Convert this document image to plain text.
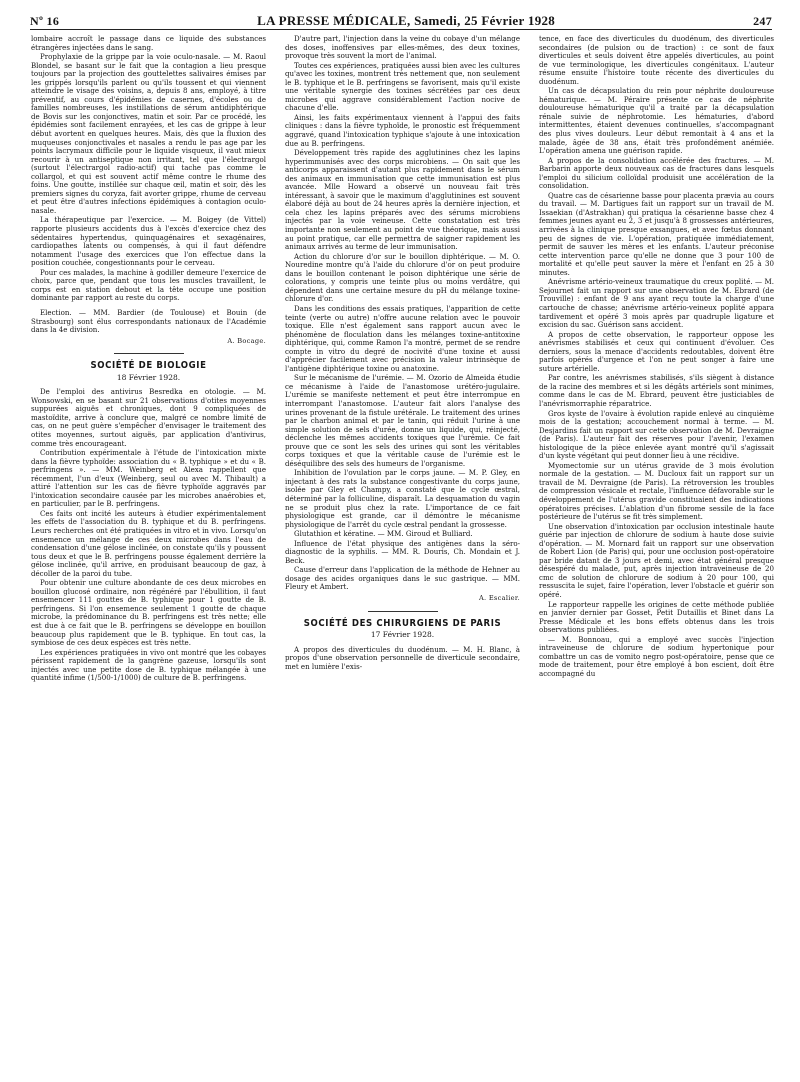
Nº 16	LA PRESSE MÉDICALE, Samedi, 25 Février 1928	247

lombaire accroît le passage dans ce liquide des substances étrangères injectées dans le sang.

Prophylaxie de la grippe par la voie oculo-nasale. — M. Raoul Blondel, se basant sur le fait que la contagion a lieu presque toujours par la projection des gouttelettes salivaires émises par les grippés lorsqu'ils parlent ou qu'ils toussent et qui viennent atteindre le visage des voisins, a, depuis 8 ans, employé, à titre préventif, au cours d'épidémies de casernes, d'écoles ou de familles nombreuses, les instillations de sérum antidiphtérique de Bovis sur les conjonctives, matin et soir. Par ce procédé, les épidémies sont facilement enrayées, et les cas de grippe à leur début avortent en quelques heures. Mais, dès que la fluxion des muqueuses conjonctivales et nasales a rendu le pas age par les points lacrymaux difficile pour le liquide visqueux, il vaut mieux recourir à un antiseptique non irritant, tel que l'électrargol (surtout l'électrargol radio-actif) qui tache pas comme le collargol, et qui est souvent actif même contre le rhume des foins. Une goutte, instillée sur chaque œil, matin et soir, dès les premiers signes du coryza, fait avorter grippe, rhume de cerveau et peut être d'autres infections épidémiques à contagion oculo-nasale.

La thérapeutique par l'exercice. — M. Boigey (de Vittel) rapporte plusieurs accidents dus à l'excès d'exercice chez des sédentaires hypertendus, quinquagénaires et sexagénaires, cardiopathes latents ou compensés, à qui il faut défendre notamment l'usage des exercices que l'on effectue dans la position couchée, congestionnants pour le cerveau.

Pour ces malades, la machine à godiller demeure l'exercice de choix, parce que, pendant que tous les muscles travaillent, le corps est en station debout et la tête occupe une position dominante par rapport au reste du corps.

Election. — MM. Bardier (de Toulouse) et Bouin (de Strasbourg) sont élus correspondants nationaux de l'Académie dans la 4e division.

A. Bocage.

SOCIÉTÉ DE BIOLOGIE
18 Février 1928.

De l'emploi des antivirus Besredka en otologie. — M. Wonsowski, en se basant sur 21 observations d'otites moyennes suppurées aiguës et chroniques, dont 9 compliquées de mastoïdite, arrive à conclure que, malgré ce nombre limité de cas, on ne peut guère s'empêcher d'envisager le traitement des otites moyennes, surtout aiguës, par application d'antivirus, comme très encourageant.

Contribution expérimentale à l'étude de l'intoxication mixte dans la fièvre typhoïde: association du « B. typhique » et du « B. perfringens ». — MM. Weinberg et Alexa rappellent que récemment, l'un d'eux (Weinberg, seul ou avec M. Thibault) a attiré l'attention sur les cas de fièvre typhoïde aggravés par l'intoxication secondaire causée par les microbes anaérobies et, en particulier, par le B. perfringens.

Ces faits ont incité les auteurs à étudier expérimentalement les effets de l'association du B. typhique et du B. perfringens. Leurs recherches ont été pratiquées in vitro et in vivo. Lorsqu'on ensemence un mélange de ces deux microbes dans l'eau de condensation d'une gélose inclinée, on constate qu'ils y poussent tous deux et que le B. perfringens pousse également derrière la gélose inclinée, qu'il arrive, en produisant beaucoup de gaz, à décoller de la paroi du tube.

Pour obtenir une culture abondante de ces deux microbes en bouillon glucosé ordinaire, non régénéré par l'ébullition, il faut ensemencer 111 gouttes de B. typhique pour 1 goutte de B. perfringens. Si l'on ensemence seulement 1 goutte de chaque microbe, la prédominance du B. perfringens est très nette; elle est due à ce fait que le B. perfringens se développe en bouillon beaucoup plus rapidement que le B. typhique. En tout cas, la symbiose de ces deux espèces est très nette.

Les expériences pratiquées in vivo ont montré que les cobayes périssent rapidement de la gangrène gazeuse, lorsqu'ils sont injectés avec une petite dose de B. typhique mélangée à une quantité infime (1/500-1/1000) de culture de B. perfringens.

D'autre part, l'injection dans la veine du cobaye d'un mélange des doses, inoffensives par elles-mêmes, des deux toxines, provoque très souvent la mort de l'animal.

Toutes ces expériences, pratiquées aussi bien avec les cultures qu'avec les toxines, montrent très nettement que, non seulement le B. typhique et le B. perfringens se favorisent, mais qu'il existe une véritable synergie des toxines sécrétées par ces deux microbes qui aggrave considérablement l'action nocive de chacune d'elle.

Ainsi, les faits expérimentaux viennent à l'appui des faits cliniques : dans la fièvre typhoïde, le pronostic est fréquemment aggravé, quand l'intoxication typhique s'ajoute à une intoxication due au B. perfringens.

Développement très rapide des agglutinines chez les lapins hyperimmunisés avec des corps microbiens. — On sait que les anticorps apparaissent d'autant plus rapidement dans le sérum des animaux en immunisation que cette immunisation est plus avancée. Mlle Howard a observé un nouveau fait très intéressant, à savoir que le maximum d'agglutinines est souvent élaboré déjà au bout de 24 heures après la dernière injection, et cela chez les lapins préparés avec des sérums microbiens injectés par la voie veineuse. Cette constatation est très importante non seulement au point de vue théorique, mais aussi au point pratique, car elle permettra de saigner rapidement les animaux arrivés au terme de leur immunisation.

Action du chlorure d'or sur le bouillon diphtérique. — M. O. Nouredine montre qu'à l'aide du chlorure d'or on peut produire dans le bouillon contenant le poison diphtérique une série de colorations, y compris une teinte plus ou moins verdâtre, qui dépendent dans une certaine mesure du pH du mélange toxine-chlorure d'or.

Dans les conditions des essais pratiques, l'apparition de cette teinte (verte ou autre) n'offre aucune relation avec le pouvoir toxique. Elle n'est également sans rapport aucun avec le phénomène de floculation dans les mélanges toxine-antitoxine diphtérique, qui, comme Ramon l'a montré, permet de se rendre compte in vitro du degré de nocivité d'une toxine et aussi d'apprécier facilement avec précision la valeur intrinsèque de l'antigène diphtérique toxine ou anatoxine.

Sur le mécanisme de l'urémie. — M. Ozorio de Almeida étudie ce mécanisme à l'aide de l'anastomose urétéro-jugulaire. L'urémie se manifeste nettement et peut être interrompue en interrompant l'anastomose. L'auteur fait alors l'analyse des urines provenant de la fistule urétérale. Le traitement des urines par le charbon animal et par le tanin, qui réduit l'urine à une simple solution de sels d'urée, donne un liquide, qui, réinjecté, déclenche les mêmes accidents toxiques que l'urémie. Ce fait prouve que ce sont les sels des urines qui sont les véritables corps toxiques et que la véritable cause de l'urémie est le déséquilibre des sels des humeurs de l'organisme.

Inhibition de l'ovulation par le corps jaune. — M. P. Gley, en injectant à des rats la substance congestivante du corps jaune, isolée par Gley et Champy, a constaté que le cycle œstral, déterminé par la folliculine, disparaît. La desquamation du vagin ne se produit plus chez la rate. L'importance de ce fait physiologique est grande, car il démontre le mécanisme physiologique de l'arrêt du cycle œstral pendant la grossesse.

Glutathion et kératine. — MM. Giroud et Bulliard.

Influence de l'état physique des antigènes dans la séro-diagnostic de la syphilis. — MM. R. Douris, Ch. Mondain et J. Beck.

Cause d'erreur dans l'application de la méthode de Hehner au dosage des acides organiques dans le suc gastrique. — MM. Fleury et Ambert.

A. Escalier.

SOCIÉTÉ DES CHIRURGIENS DE PARIS
17 Février 1928.

A propos des diverticules du duodénum. — M. H. Blanc, à propos d'une observation personnelle de diverticule secondaire, met en lumière l'exis-

tence, en face des diverticules du duodénum, des diverticules secondaires (de pulsion ou de traction) : ce sont de faux diverticules et seuls doivent être appelés diverticules, au point de vue terminologique, les diverticules congénitaux. L'auteur résume ensuite l'histoire toute récente des diverticules du duodénum.

Un cas de décapsulation du rein pour néphrite douloureuse hématurique. — M. Péraire présente ce cas de néphrite douloureuse hématurique qu'il a traité par la décapsulation rénale suivie de néphrotomie. Les hématuries, d'abord intermittentes, étaient devenues continuelles, s'accompagnant des plus vives douleurs. Leur début remontait à 4 ans et la malade, âgée de 38 ans, était très profondément anémiée. L'opération amena une guérison rapide.

A propos de la consolidation accélérée des fractures. — M. Barbarin apporte deux nouveaux cas de fractures dans lesquels l'emploi du silicium colloïdal produisit une accélération de la consolidation.

Quatre cas de césarienne basse pour placenta prævia au cours du travail. — M. Dartigues fait un rapport sur un travail de M. Issaekian (d'Astrakhan) qui pratiqua la césarienne basse chez 4 femmes jeunes ayant eu 2, 3 et jusqu'à 8 grossesses antérieures, arrivées à la clinique presque exsangues, et avec fœtus donnant peu de signes de vie. L'opération, pratiquée immédiatement, permit de sauver les mères et les enfants. L'auteur préconise cette intervention parce qu'elle ne donne que 3 pour 100 de mortalité et qu'elle peut sauver la mère et l'enfant en 25 à 30 minutes.

Anévrisme artério-veineux traumatique du creux poplité. — M. Sejournet fait un rapport sur une observation de M. Ebrard (de Trouville) : enfant de 9 ans ayant reçu toute la charge d'une cartouche de chasse; anévrisme artério-veineux poplité appara tardivement et opéré 3 mois après par quadruple ligature et excision du sac. Guérison sans accident.

A propos de cette observation, le rapporteur oppose les anévrismes stabilisés et ceux qui continuent d'évoluer. Ces derniers, sous la menace d'accidents redoutables, doivent être parfois opérés d'urgence et l'on ne peut songer à faire une suture artérielle.

Par contre, les anévrismes stabilisés, s'ils siègent à distance de la racine des membres et si les dégâts artériels sont minimes, comme dans le cas de M. Ebrard, peuvent être justiciables de l'anévrismorraphie réparatrice.

Gros kyste de l'ovaire à évolution rapide enlevé au cinquième mois de la gestation; accouchement normal à terme. — M. Desjardins fait un rapport sur cette observation de M. Devraigne (de Paris). L'auteur fait des réserves pour l'avenir, l'examen histologique de la pièce enlevée ayant montré qu'il s'agissait d'un kyste végétant qui peut donner lieu à une récidive.

Myomectomie sur un utérus gravide de 3 mois évolution normale de la gestation. — M. Ducloux fait un rapport sur un travail de M. Devraigne (de Paris). La rétroversion les troubles de compression vésicale et rectale, l'influence défavorable sur le développement de l'utérus gravide constituaient des indications opératoires précises. L'ablation d'un fibrome sessile de la face postérieure de l'utérus se fit très simplement.

Une observation d'intoxication par occlusion intestinale haute guérie par injection de chlorure de sodium à haute dose suivie d'opération. — M. Mornard fait un rapport sur une observation de Robert Lion (de Paris) qui, pour une occlusion post-opératoire par bride datant de 3 jours et demi, avec état général presque désespéré du malade, put, après injection intraveineuse de 20 cmc de solution de chlorure de sodium à 20 pour 100, qui ressuscita le sujet, faire l'opération, lever l'obstacle et guérir son opéré.

Le rapporteur rappelle les origines de cette méthode publiée en janvier dernier par Gosset, Petit Dutaillis et Binet dans La Presse Médicale et les bons effets obtenus dans les trois observations publiées.

— M. Bonnoau, qui a employé avec succès l'injection intraveineuse de chlorure de sodium hypertonique pour combattre un cas de vomito negro post-opératoire, pense que ce mode de traitement, pour être employé à bon escient, doit être accompagné du
